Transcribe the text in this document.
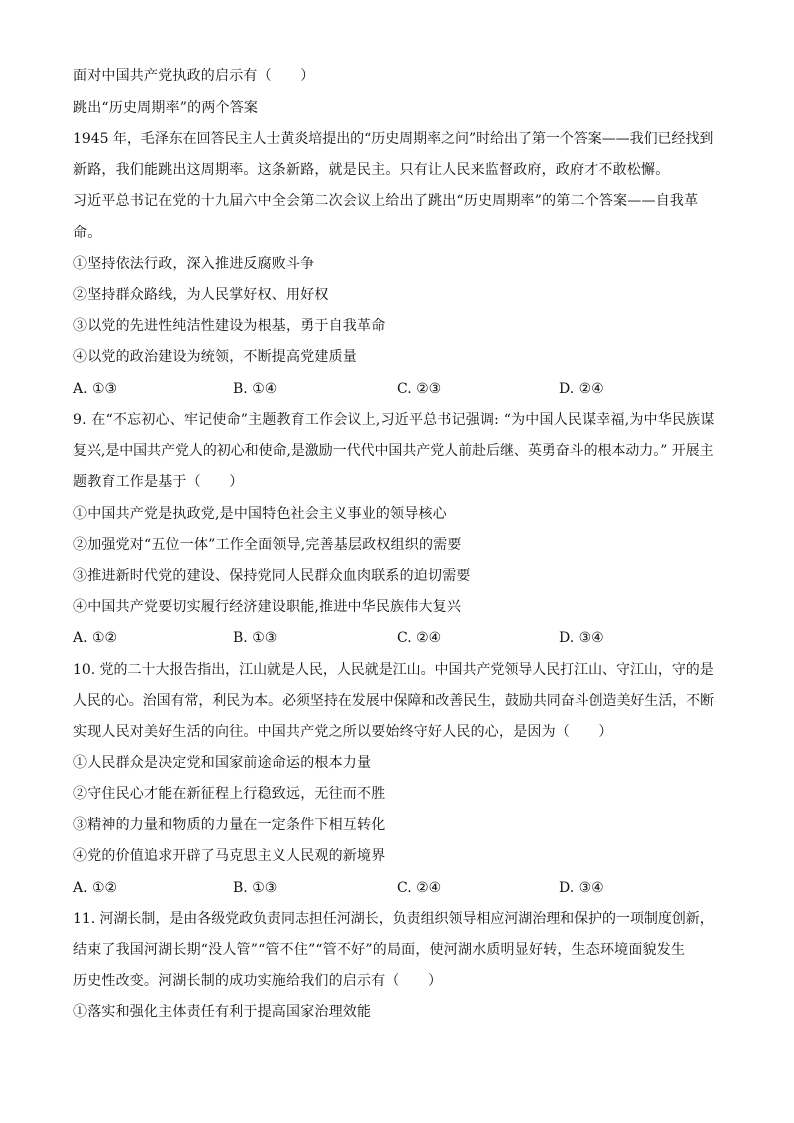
面对中国共产党执政的启示有（　　）
跳出“历史周期率”的两个答案
1945 年，毛泽东在回答民主人士黄炎培提出的“历史周期率之问”时给出了第一个答案——我们已经找到
新路，我们能跳出这周期率。这条新路，就是民主。只有让人民来监督政府，政府才不敢松懈。
习近平总书记在党的十九届六中全会第二次会议上给出了跳出“历史周期率”的第二个答案——自我革
命。
①坚持依法行政，深入推进反腐败斗争
②坚持群众路线，为人民掌好权、用好权
③以党的先进性纯洁性建设为根基，勇于自我革命
④以党的政治建设为统领，不断提高党建质量
A. ①③	B. ①④	C. ②③	D. ②④
9. 在“不忘初心、牢记使命”主题教育工作会议上,习近平总书记强调: “为中国人民谋幸福,为中华民族谋
复兴,是中国共产党人的初心和使命,是激励一代代中国共产党人前赴后继、英勇奋斗的根本动力。” 开展主
题教育工作是基于（　　）
①中国共产党是执政党,是中国特色社会主义事业的领导核心
②加强党对“五位一体”工作全面领导,完善基层政权组织的需要
③推进新时代党的建设、保持党同人民群众血肉联系的迫切需要
④中国共产党要切实履行经济建设职能,推进中华民族伟大复兴
A. ①②	B. ①③	C. ②④	D. ③④
10. 党的二十大报告指出，江山就是人民，人民就是江山。中国共产党领导人民打江山、守江山，守的是
人民的心。治国有常，利民为本。必须坚持在发展中保障和改善民生，鼓励共同奋斗创造美好生活，不断
实现人民对美好生活的向往。中国共产党之所以要始终守好人民的心，是因为（　　）
①人民群众是决定党和国家前途命运的根本力量
②守住民心才能在新征程上行稳致远，无往而不胜
③精神的力量和物质的力量在一定条件下相互转化
④党的价值追求开辟了马克思主义人民观的新境界
A. ①②	B. ①③	C. ②④	D. ③④
11. 河湖长制，是由各级党政负责同志担任河湖长，负责组织领导相应河湖治理和保护的一项制度创新，
结束了我国河湖长期“没人管”“管不住”“管不好”的局面，使河湖水质明显好转，生态环境面貌发生
历史性改变。河湖长制的成功实施给我们的启示有（　　）
①落实和强化主体责任有利于提高国家治理效能
